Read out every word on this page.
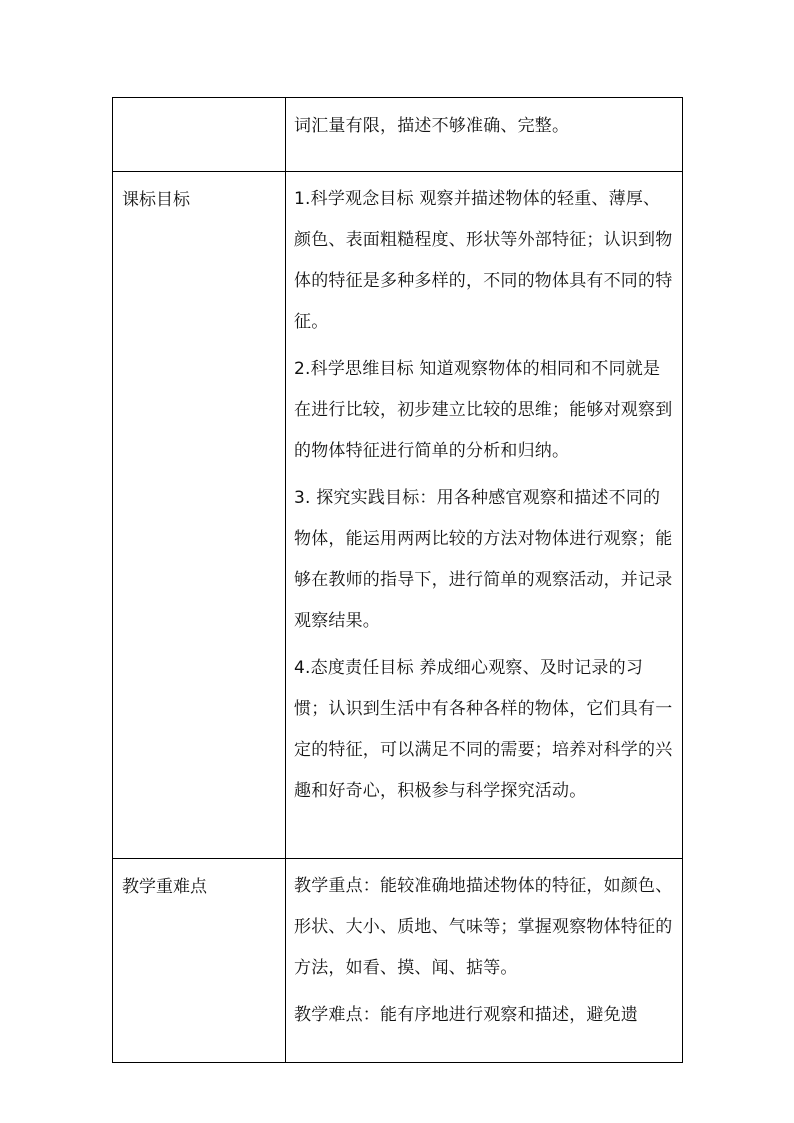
	词汇量有限，描述不够准确、完整。

课标目标	1.科学观念目标 观察并描述物体的轻重、薄厚、颜色、表面粗糙程度、形状等外部特征；认识到物体的特征是多种多样的，不同的物体具有不同的特征。

2.科学思维目标 知道观察物体的相同和不同就是在进行比较，初步建立比较的思维；能够对观察到的物体特征进行简单的分析和归纳。

3. 探究实践目标：用各种感官观察和描述不同的物体，能运用两两比较的方法对物体进行观察；能够在教师的指导下，进行简单的观察活动，并记录观察结果。

4.态度责任目标 养成细心观察、及时记录的习惯；认识到生活中有各种各样的物体，它们具有一定的特征，可以满足不同的需要；培养对科学的兴趣和好奇心，积极参与科学探究活动。

教学重难点	教学重点：能较准确地描述物体的特征，如颜色、形状、大小、质地、气味等；掌握观察物体特征的方法，如看、摸、闻、掂等。

教学难点：能有序地进行观察和描述，避免遗
